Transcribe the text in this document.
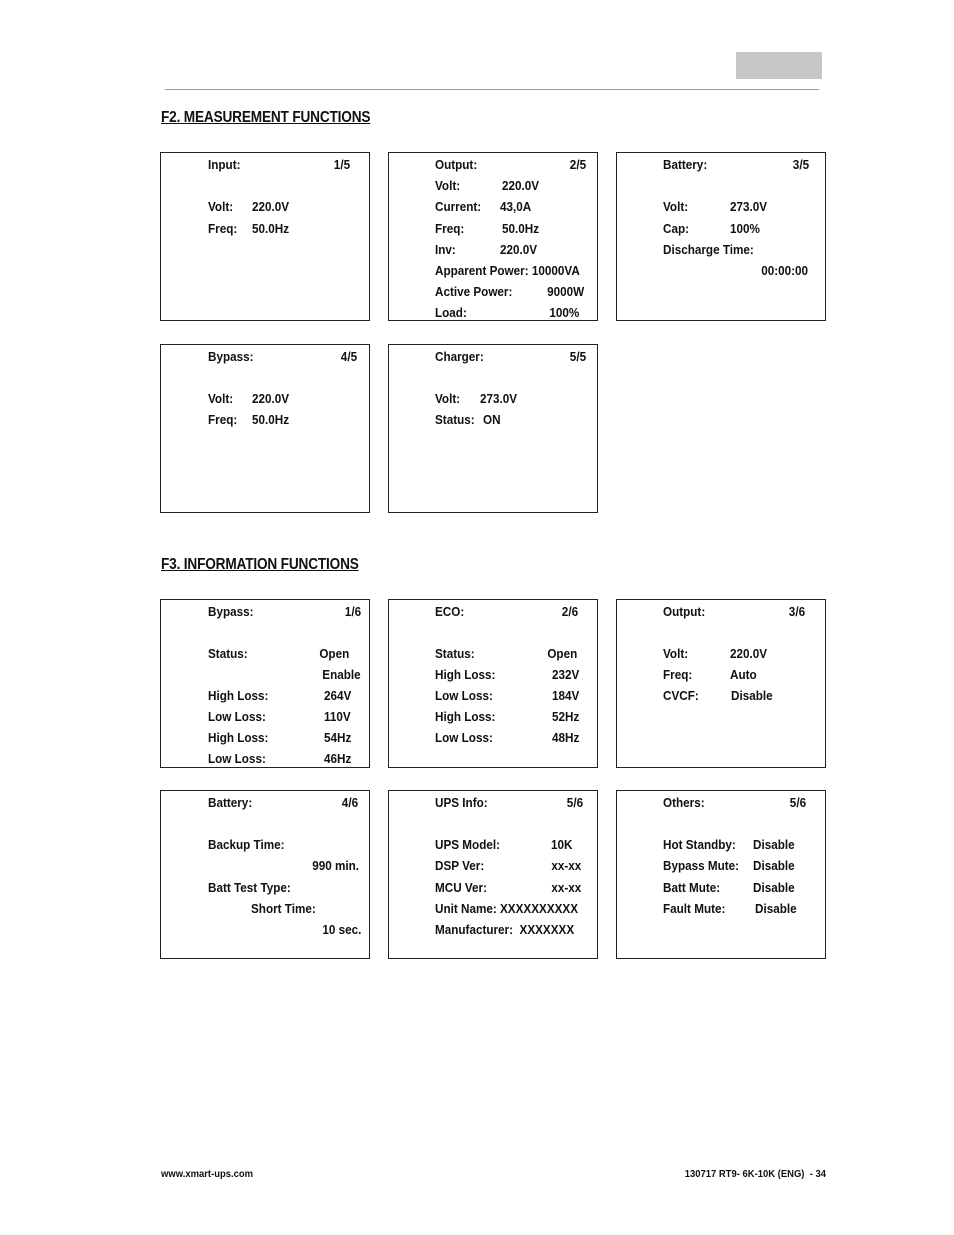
F2. MEASUREMENT FUNCTIONS
Input:	1/5
Volt: 220.0V
Freq: 50.0Hz
Output:	2/5
Volt:	220.0V
Current: 43,0A
Freq:	50.0Hz
Inv:	220.0V
Apparent Power: 10000VA
Active Power:	9000W
Load:	100%
Battery:	3/5
Volt:	273.0V
Cap:	100%
Discharge Time:
00:00:00
Bypass:	4/5
Volt: 220.0V
Freq: 50.0Hz
Charger:	5/5
Volt: 273.0V
Status: ON
F3. INFORMATION FUNCTIONS
Bypass:	1/6
Status:	Open
Enable
High Loss:	264V
Low Loss:	110V
High Loss:	54Hz
Low Loss:	46Hz
ECO:	2/6
Status:	Open
High Loss:	232V
Low Loss:	184V
High Loss:	52Hz
Low Loss:	48Hz
Output:	3/6
Volt:	220.0V
Freq:	Auto
CVCF: Disable
Battery:	4/6
Backup Time:
990 min.
Batt Test Type:
Short Time:
10 sec.
UPS Info:	5/6
UPS Model:	10K
DSP Ver:	xx-xx
MCU Ver:	xx-xx
Unit Name: XXXXXXXXXX
Manufacturer:  XXXXXXX
Others:	5/6
Hot Standby: Disable
Bypass Mute: Disable
Batt Mute:	Disable
Fault Mute: Disable
www.xmart-ups.com	130717 RT9- 6K-10K (ENG)  - 34
